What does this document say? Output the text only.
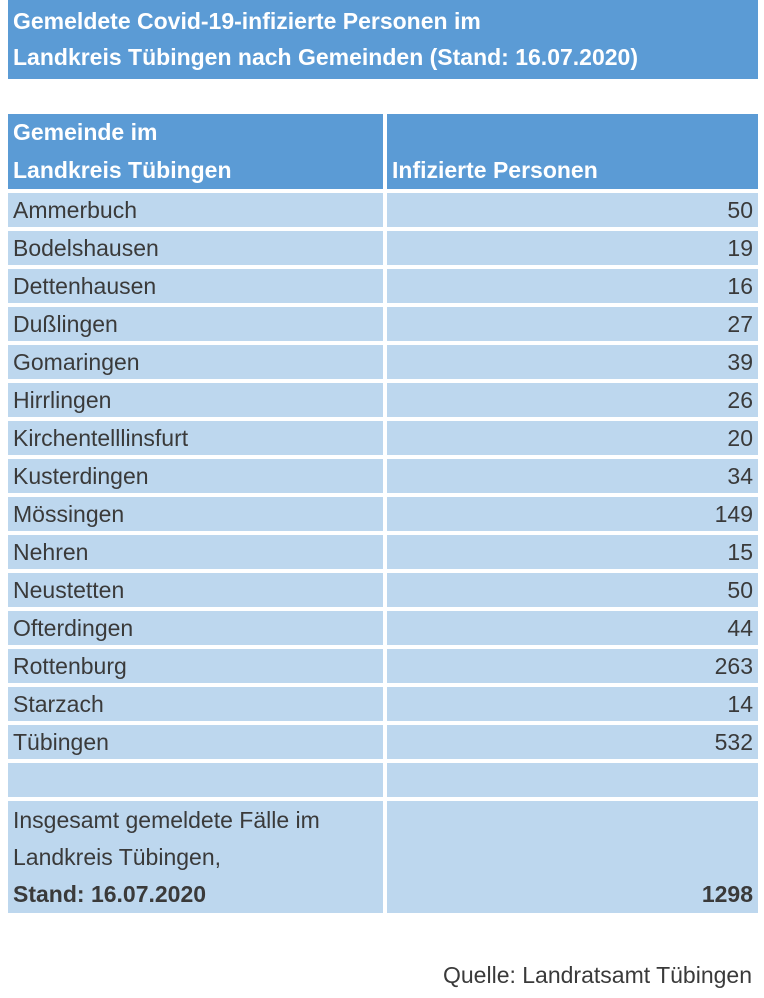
Gemeldete Covid-19-infizierte Personen im
Landkreis Tübingen nach Gemeinden (Stand: 16.07.2020)
Gemeinde im
Landkreis Tübingen	Infizierte Personen
Ammerbuch	50
Bodelshausen	19
Dettenhausen	16
Dußlingen	27
Gomaringen	39
Hirrlingen	26
Kirchentelllinsfurt	20
Kusterdingen	34
Mössingen	149
Nehren	15
Neustetten	50
Ofterdingen	44
Rottenburg	263
Starzach	14
Tübingen	532
Insgesamt gemeldete Fälle im
Landkreis Tübingen,
Stand: 16.07.2020	1298
Quelle: Landratsamt Tübingen
